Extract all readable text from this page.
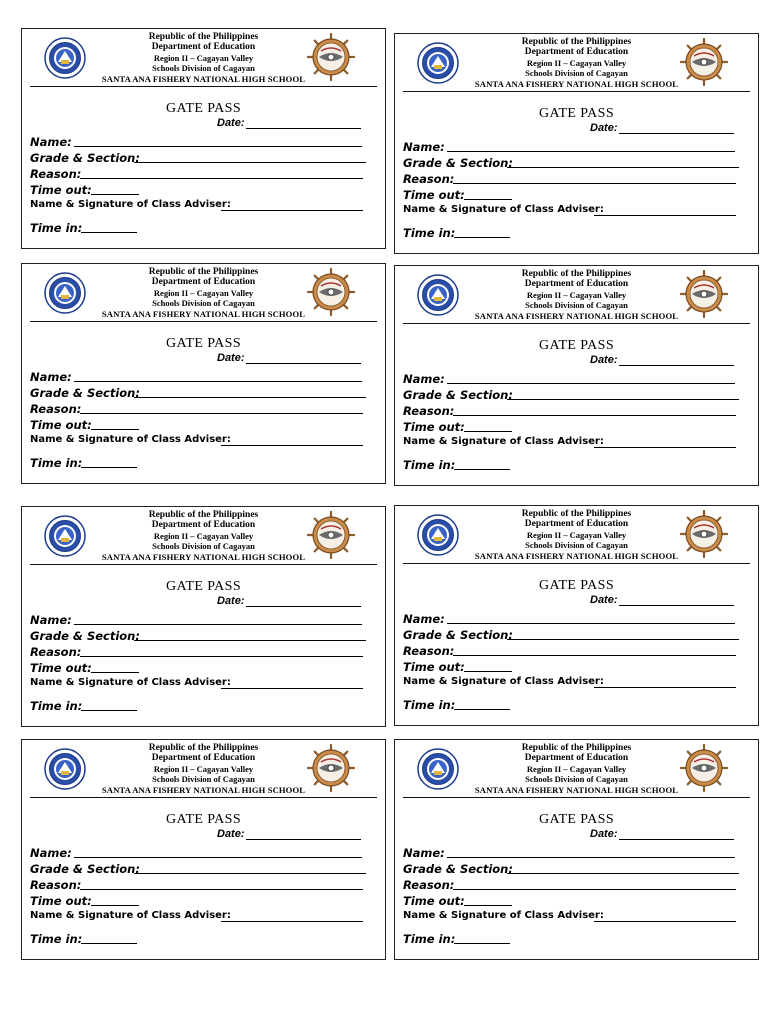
Republic of the Philippines
Department of Education
Region II – Cagayan Valley
Schools Division of Cagayan
SANTA ANA FISHERY NATIONAL HIGH SCHOOL
GATE PASS
Date:
Name:
Grade & Section:
Reason:
Time out:
Name & Signature of Class Adviser:
Time in:
Republic of the Philippines
Department of Education
Region II – Cagayan Valley
Schools Division of Cagayan
SANTA ANA FISHERY NATIONAL HIGH SCHOOL
GATE PASS
Date:
Name:
Grade & Section:
Reason:
Time out:
Name & Signature of Class Adviser:
Time in:
Republic of the Philippines
Department of Education
Region II – Cagayan Valley
Schools Division of Cagayan
SANTA ANA FISHERY NATIONAL HIGH SCHOOL
GATE PASS
Date:
Name:
Grade & Section:
Reason:
Time out:
Name & Signature of Class Adviser:
Time in:
Republic of the Philippines
Department of Education
Region II – Cagayan Valley
Schools Division of Cagayan
SANTA ANA FISHERY NATIONAL HIGH SCHOOL
GATE PASS
Date:
Name:
Grade & Section:
Reason:
Time out:
Name & Signature of Class Adviser:
Time in:
Republic of the Philippines
Department of Education
Region II – Cagayan Valley
Schools Division of Cagayan
SANTA ANA FISHERY NATIONAL HIGH SCHOOL
GATE PASS
Date:
Name:
Grade & Section:
Reason:
Time out:
Name & Signature of Class Adviser:
Time in:
Republic of the Philippines
Department of Education
Region II – Cagayan Valley
Schools Division of Cagayan
SANTA ANA FISHERY NATIONAL HIGH SCHOOL
GATE PASS
Date:
Name:
Grade & Section:
Reason:
Time out:
Name & Signature of Class Adviser:
Time in:
Republic of the Philippines
Department of Education
Region II – Cagayan Valley
Schools Division of Cagayan
SANTA ANA FISHERY NATIONAL HIGH SCHOOL
GATE PASS
Date:
Name:
Grade & Section:
Reason:
Time out:
Name & Signature of Class Adviser:
Time in:
Republic of the Philippines
Department of Education
Region II – Cagayan Valley
Schools Division of Cagayan
SANTA ANA FISHERY NATIONAL HIGH SCHOOL
GATE PASS
Date:
Name:
Grade & Section:
Reason:
Time out:
Name & Signature of Class Adviser:
Time in:
